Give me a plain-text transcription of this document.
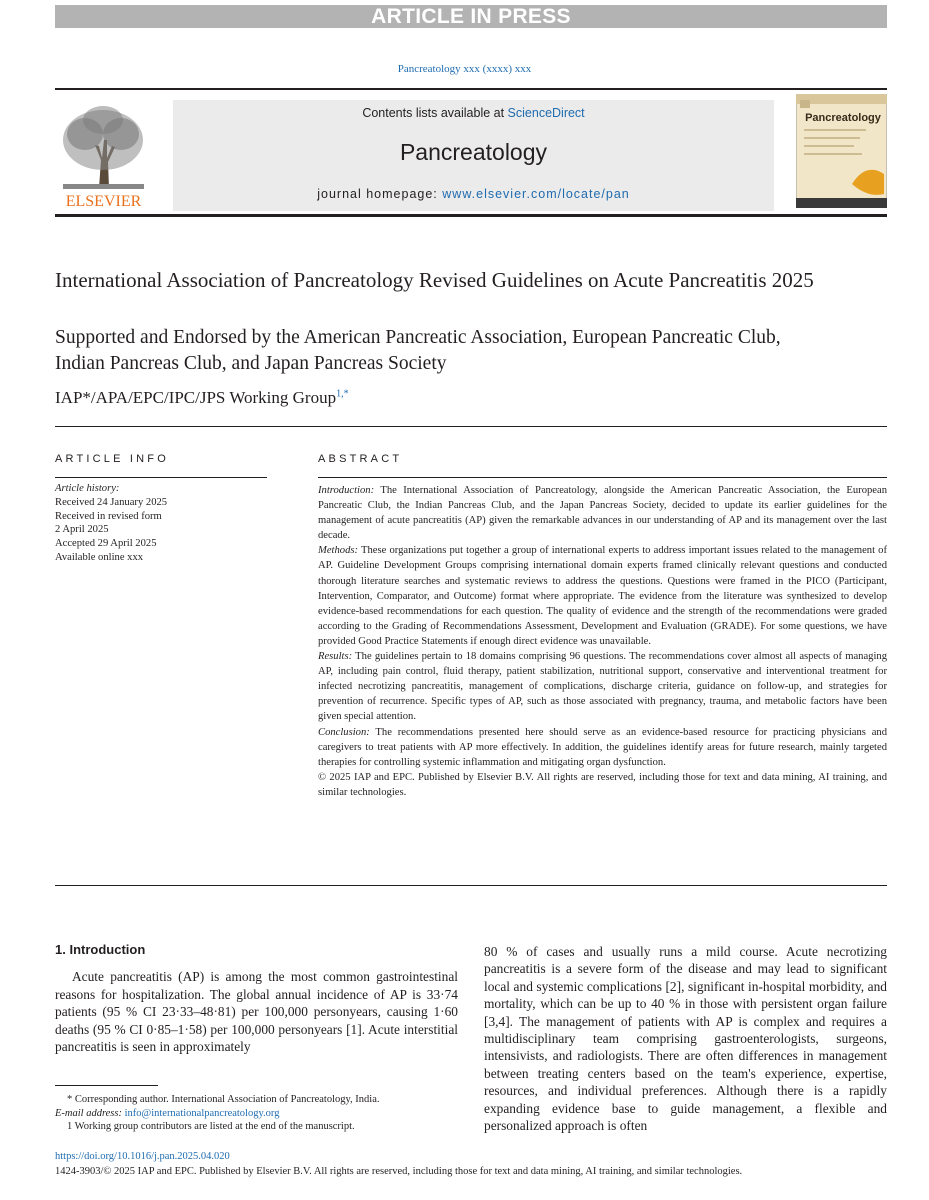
ARTICLE IN PRESS
Pancreatology xxx (xxxx) xxx
ELSEVIER
Contents lists available at ScienceDirect
Pancreatology
journal homepage: www.elsevier.com/locate/pan
Pancreatology
International Association of Pancreatology Revised Guidelines on Acute Pancreatitis 2025
Supported and Endorsed by the American Pancreatic Association, European Pancreatic Club, Indian Pancreas Club, and Japan Pancreas Society
IAP*/APA/EPC/IPC/JPS Working Group$^{1,*}$
ARTICLE INFO	ABSTRACT
Article history:
Received 24 January 2025
Received in revised form
2 April 2025
Accepted 29 April 2025
Available online xxx

Introduction: The International Association of Pancreatology, alongside the American Pancreatic Association, the European Pancreatic Club, the Indian Pancreas Club, and the Japan Pancreas Society, decided to update its earlier guidelines for the management of acute pancreatitis (AP) given the remarkable advances in our understanding of AP and its management over the last decade.

Methods: These organizations put together a group of international experts to address important issues related to the management of AP. Guideline Development Groups comprising international domain experts framed clinically relevant questions and conducted thorough literature searches and systematic reviews to address the questions. Questions were framed in the PICO (Participant, Intervention, Comparator, and Outcome) format where appropriate. The evidence from the literature was synthesized to develop evidence-based recommendations for each question. The quality of evidence and the strength of the recommendations were graded according to the Grading of Recommendations Assessment, Development and Evaluation (GRADE). For some questions, we have provided Good Practice Statements if enough direct evidence was unavailable.

Results: The guidelines pertain to 18 domains comprising 96 questions. The recommendations cover almost all aspects of managing AP, including pain control, fluid therapy, patient stabilization, nutritional support, conservative and interventional treatment for infected necrotizing pancreatitis, management of complications, discharge criteria, guidance on follow-up, and strategies for prevention of recurrence. Specific types of AP, such as those associated with pregnancy, trauma, and metabolic factors have been given special attention.

Conclusion: The recommendations presented here should serve as an evidence-based resource for practicing physicians and caregivers to treat patients with AP more effectively. In addition, the guidelines identify areas for future research, mainly targeted therapies for controlling systemic inflammation and mitigating organ dysfunction.

© 2025 IAP and EPC. Published by Elsevier B.V. All rights are reserved, including those for text and data mining, AI training, and similar technologies.

1. Introduction

Acute pancreatitis (AP) is among the most common gastrointestinal reasons for hospitalization. The global annual incidence of AP is 33·74 patients (95 % CI 23·33–48·81) per 100,000 personyears, causing 1·60 deaths (95 % CI 0·85–1·58) per 100,000 personyears [1]. Acute interstitial pancreatitis is seen in approximately

80 % of cases and usually runs a mild course. Acute necrotizing pancreatitis is a severe form of the disease and may lead to significant local and systemic complications [2], significant in-hospital morbidity, and mortality, which can be up to 40 % in those with persistent organ failure [3,4]. The management of patients with AP is complex and requires a multidisciplinary team comprising gastroenterologists, surgeons, intensivists, and radiologists. There are often differences in management between treating centers based on the team's experience, expertise, resources, and individual preferences. Although there is a rapidly expanding evidence base to guide management, a flexible and personalized approach is often

* Corresponding author. International Association of Pancreatology, India.

E-mail address: info@internationalpancreatology.org

1 Working group contributors are listed at the end of the manuscript.

https://doi.org/10.1016/j.pan.2025.04.020

1424-3903/© 2025 IAP and EPC. Published by Elsevier B.V. All rights are reserved, including those for text and data mining, AI training, and similar technologies.
